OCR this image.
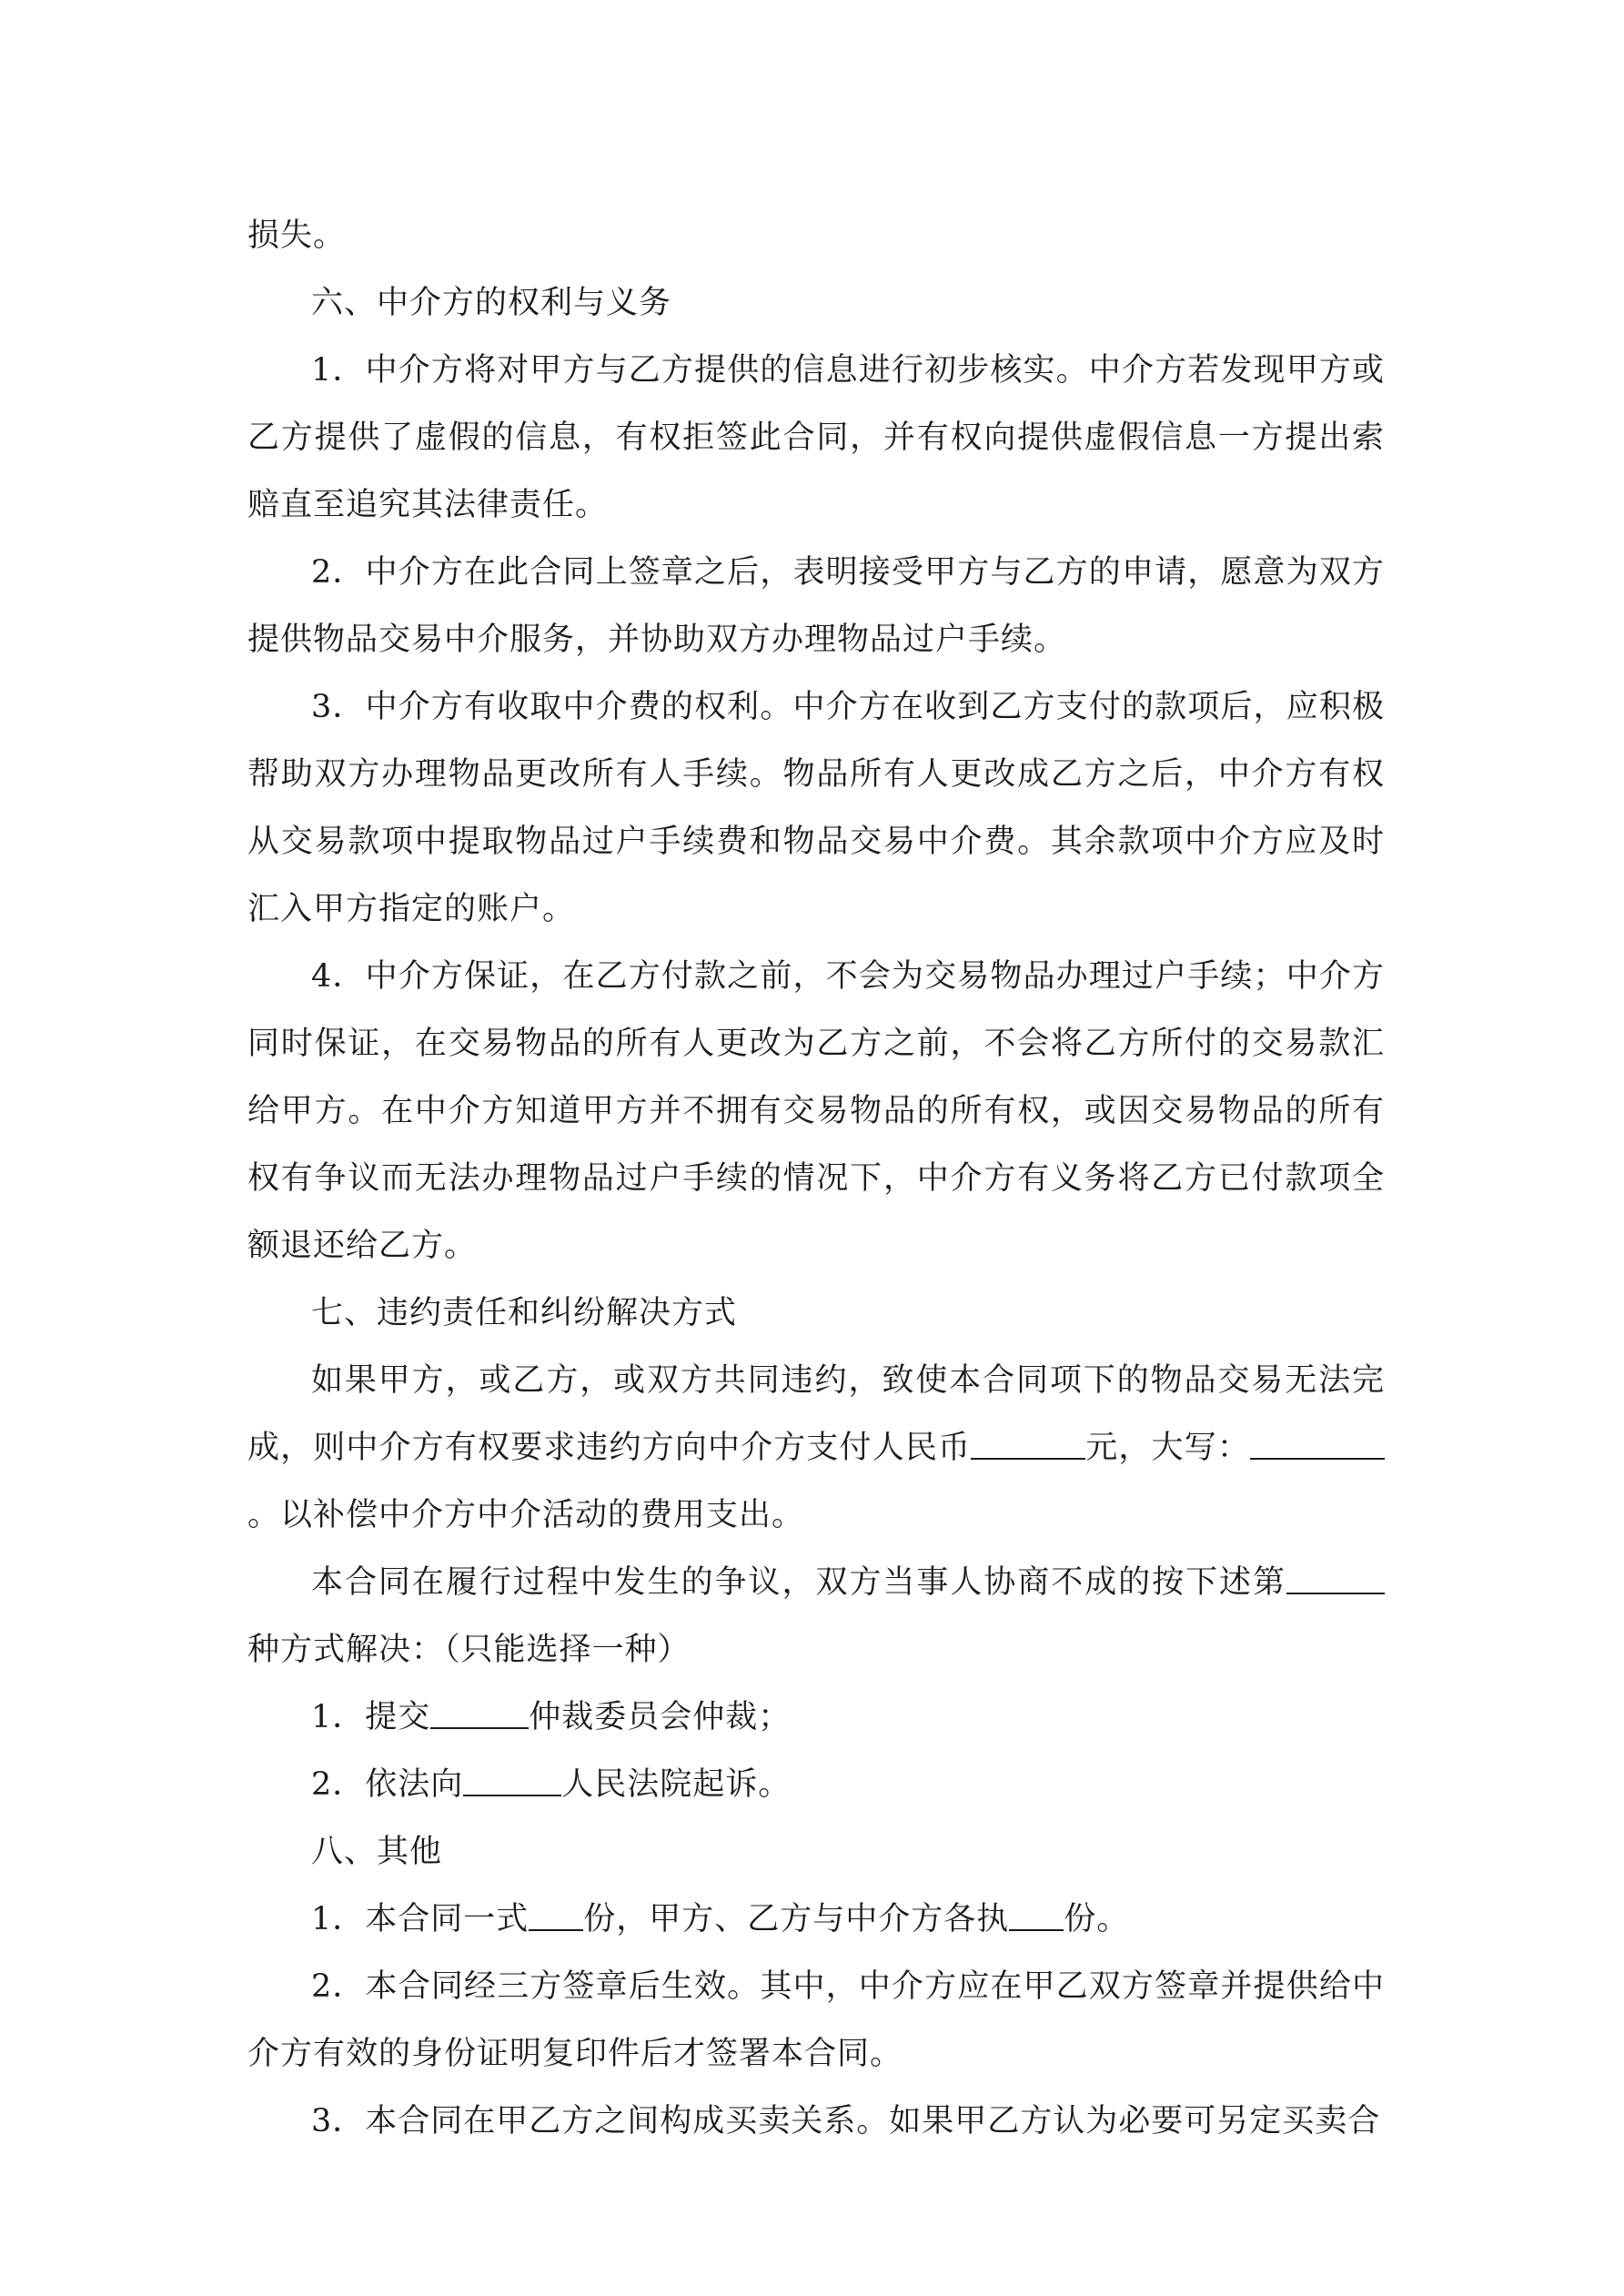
损失。

六、中介方的权利与义务

1．中介方将对甲方与乙方提供的信息进行初步核实。中介方若发现甲方或乙方提供了虚假的信息，有权拒签此合同，并有权向提供虚假信息一方提出索赔直至追究其法律责任。

2．中介方在此合同上签章之后，表明接受甲方与乙方的申请，愿意为双方提供物品交易中介服务，并协助双方办理物品过户手续。

3．中介方有收取中介费的权利。中介方在收到乙方支付的款项后，应积极帮助双方办理物品更改所有人手续。物品所有人更改成乙方之后，中介方有权从交易款项中提取物品过户手续费和物品交易中介费。其余款项中介方应及时汇入甲方指定的账户。

4．中介方保证，在乙方付款之前，不会为交易物品办理过户手续；中介方同时保证，在交易物品的所有人更改为乙方之前，不会将乙方所付的交易款汇给甲方。在中介方知道甲方并不拥有交易物品的所有权，或因交易物品的所有权有争议而无法办理物品过户手续的情况下，中介方有义务将乙方已付款项全额退还给乙方。

七、违约责任和纠纷解决方式

如果甲方，或乙方，或双方共同违约，致使本合同项下的物品交易无法完成，则中介方有权要求违约方向中介方支付人民币	元，大写：。以补偿中介方中介活动的费用支出。

本合同在履行过程中发生的争议，双方当事人协商不成的按下述第种方式解决：（只能选择一种）

1．提交	仲裁委员会仲裁；

2．依法向	人民法院起诉。

八、其他

1．本合同一式 份，甲方、乙方与中介方各执 份。

2．本合同经三方签章后生效。其中，中介方应在甲乙双方签章并提供给中介方有效的身份证明复印件后才签署本合同。

3．本合同在甲乙方之间构成买卖关系。如果甲乙方认为必要可另定买卖合
